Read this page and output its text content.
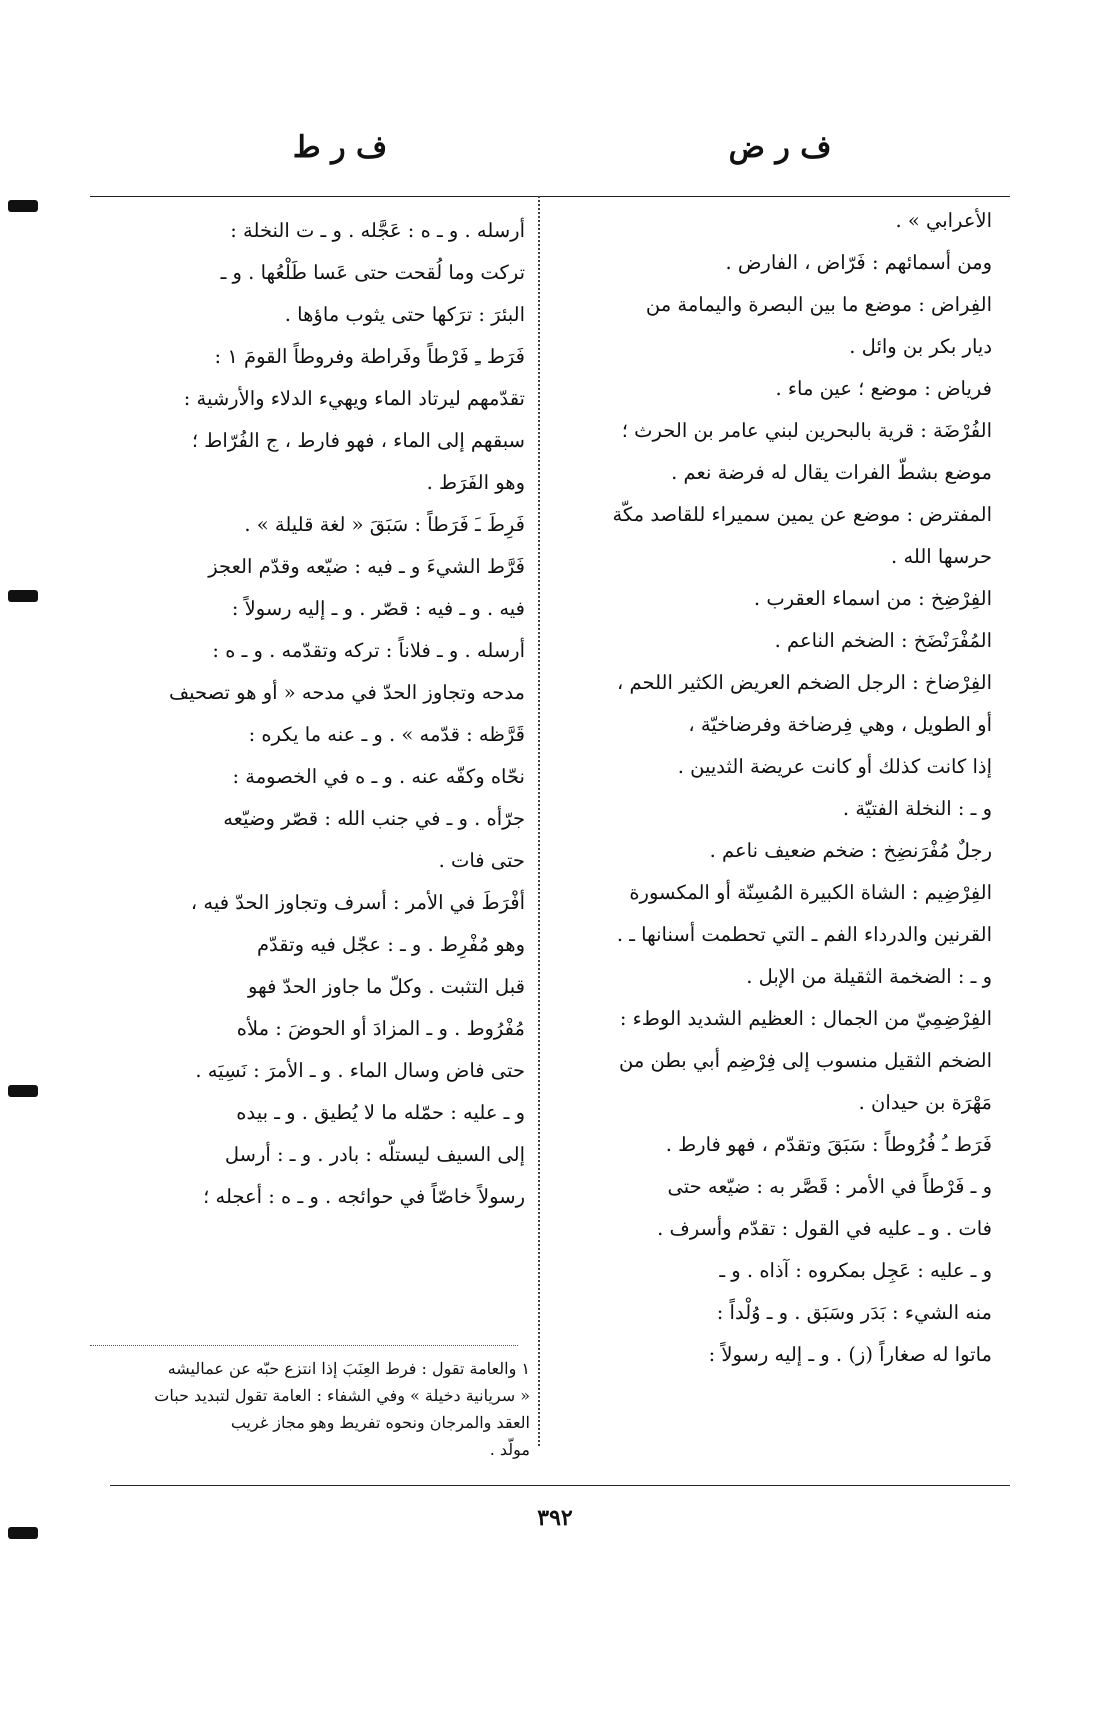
ف ر ض
ف ر ط
الأعرابي » .
ومن أسمائهم : فَرّاض ، الفارض .
الفِراض : موضع ما بين البصرة واليمامة من
ديار بكر بن وائل .
فرياض : موضع ؛ عين ماء .
الفُرْضَة : قرية بالبحرين لبني عامر بن الحرث ؛
موضع بشطّ الفرات يقال له فرضة نعم .
المفترض : موضع عن يمين سميراء للقاصد مكّة
حرسها الله .
الفِرْضِخ : من اسماء العقرب .
المُفْرَنْضَخ : الضخم الناعم .
الفِرْضاخ : الرجل الضخم العريض الكثير اللحم ،
أو الطويل ، وهي فِرضاخة وفرضاخيّة ،
إذا كانت كذلك أو كانت عريضة الثديين .
و ـ : النخلة الفتيّة .
رجلٌ مُفْرَنضِخ : ضخم ضعيف ناعم .
الفِرْضِيم : الشاة الكبيرة المُسِنّة أو المكسورة
القرنين والدرداء الفم ـ التي تحطمت أسنانها ـ .
و ـ : الضخمة الثقيلة من الإبل .
الفِرْضِمِيّ من الجمال : العظيم الشديد الوطء :
الضخم الثقيل منسوب إلى فِرْضِم أبي بطن من
مَهْرَة بن حيدان .
فَرَط ـُ فُرُوطاً : سَبَقَ وتقدّم ، فهو فارط .
و ـ فَرْطاً في الأمر : قَصَّر به : ضيّعه حتى
فات . و ـ عليه في القول : تقدّم وأسرف .
و ـ عليه : عَجِل بمكروه : آذاه . و ـ
منه الشيء : بَدَر وسَبَق . و ـ وُلْداً :
ماتوا له صغاراً (ز) . و ـ إليه رسولاً :
أرسله . و ـ ه : عَجَّله . و ـ ت النخلة :
تركت وما لُقحت حتى عَسا طَلْعُها . و ـ
البئرَ : ترَكها حتى يثوب ماؤها .
فَرَط ـِ فَرْطاً وفَراطة وفروطاً القومَ ١ :
تقدّمهم ليرتاد الماء ويهيء الدلاء والأرشية :
سبقهم إلى الماء ، فهو فارط ، ج الفُرّاط ؛
وهو الفَرَط .
فَرِطَ ـَ فَرَطاً : سَبَقَ « لغة قليلة » .
فَرَّط الشيءَ و ـ فيه : ضيّعه وقدّم العجز
فيه . و ـ فيه : قصّر . و ـ إليه رسولاً :
أرسله . و ـ فلاناً : تركه وتقدّمه . و ـ ه :
مدحه وتجاوز الحدّ في مدحه « أو هو تصحيف
قَرَّظه : قدّمه » . و ـ عنه ما يكره :
نحّاه وكفّه عنه . و ـ ه في الخصومة :
جرّأه . و ـ في جنب الله : قصّر وضيّعه
حتى فات .
أفْرَطَ في الأمر : أسرف وتجاوز الحدّ فيه ،
وهو مُفْرِط . و ـ : عجّل فيه وتقدّم
قبل التثبت . وكلّ ما جاوز الحدّ فهو
مُفْرُوط . و ـ المزادَ أو الحوضَ : ملأه
حتى فاض وسال الماء . و ـ الأمرَ : نَسِيَه .
و ـ عليه : حمّله ما لا يُطيق . و ـ بيده
إلى السيف ليستلّه : بادر . و ـ : أرسل
رسولاً خاصّاً في حوائجه . و ـ ه : أعجله ؛
١ والعامة تقول : فرط العِنَبَ إذا انتزع حبّه عن عماليشه
« سريانية دخيلة » وفي الشفاء : العامة تقول لتبديد حبات
العقد والمرجان ونحوه تفريط وهو مجاز غريب
مولّد .
٣٩٢
